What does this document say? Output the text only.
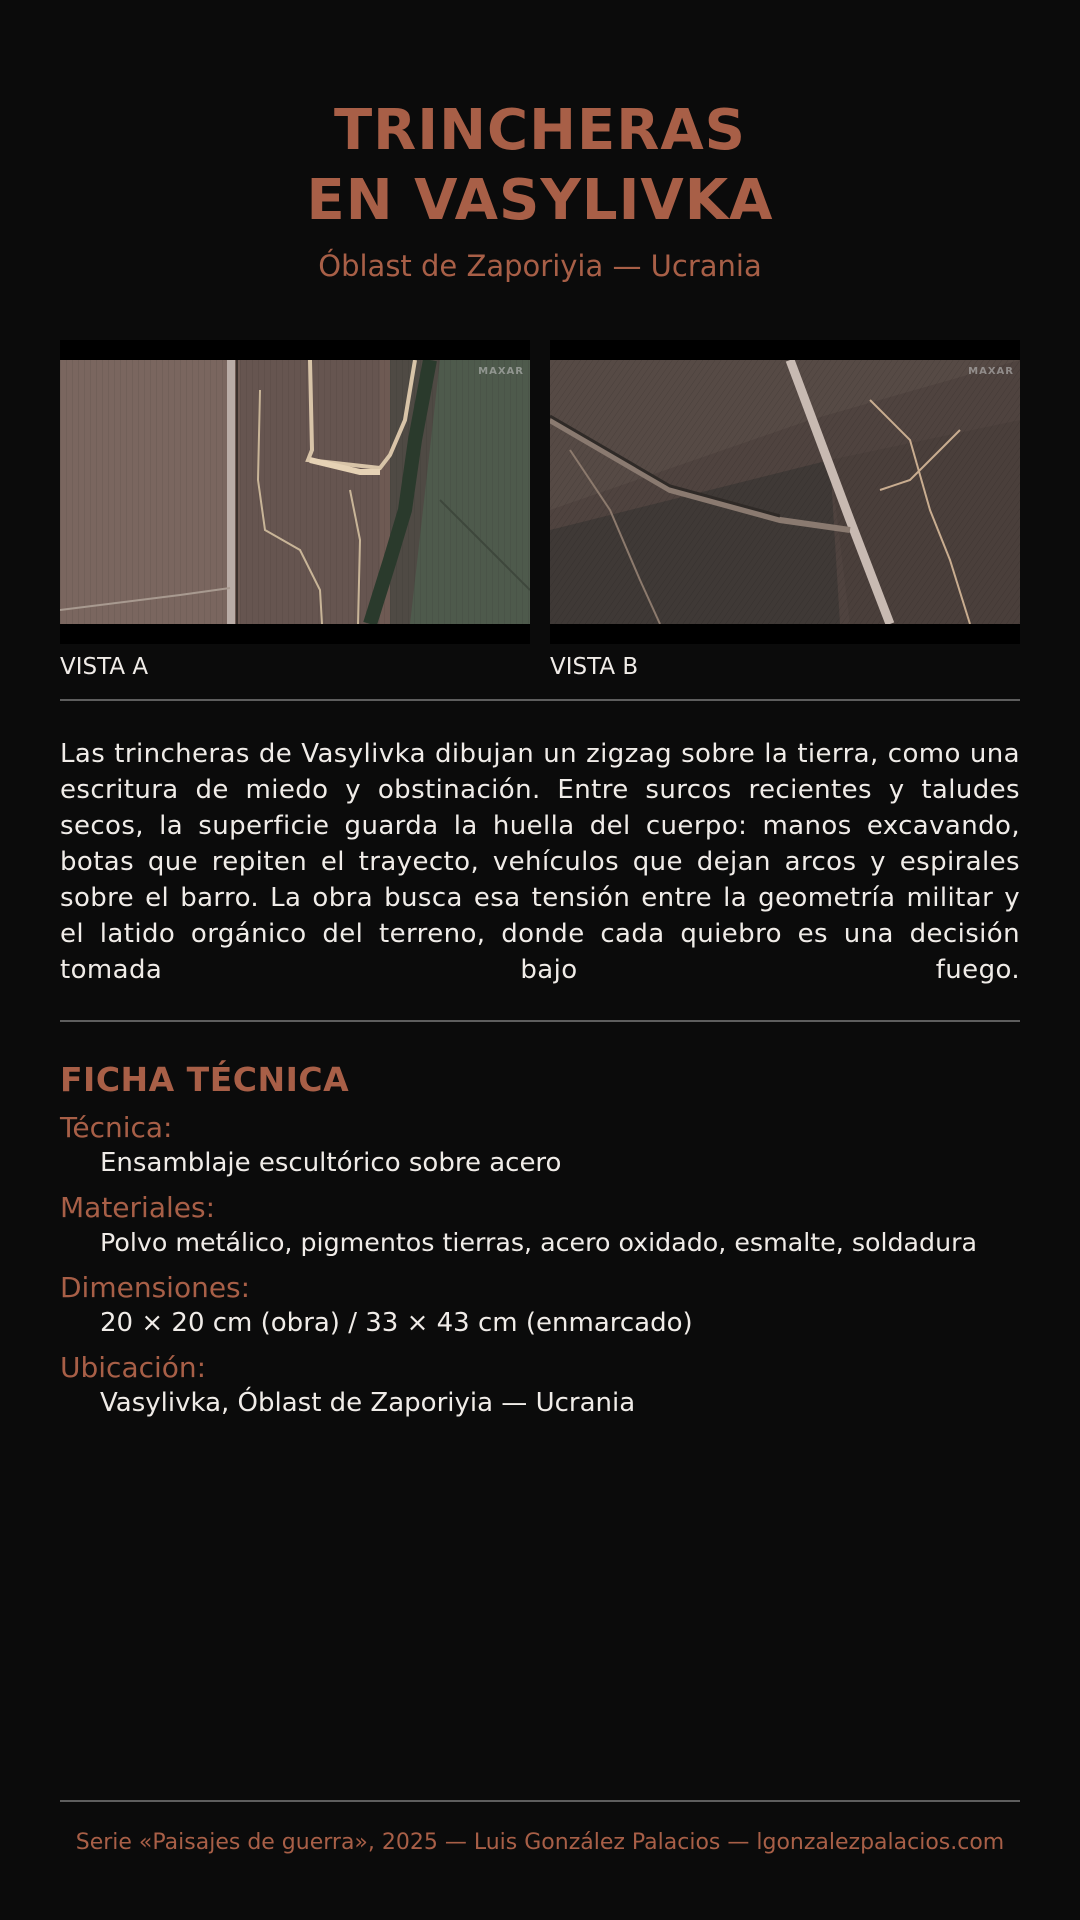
TRINCHERAS
EN VASYLIVKA
Óblast de Zaporiyia — Ucrania
MAXAR
VISTA A
MAXAR
VISTA B

Las trincheras de Vasylivka dibujan un zigzag sobre la tierra, como una escritura de miedo y obstinación. Entre surcos recientes y taludes secos, la superficie guarda la huella del cuerpo: manos excavando, botas que repiten el trayecto, vehículos que dejan arcos y espirales sobre el barro. La obra busca esa tensión entre la geometría militar y el latido orgánico del terreno, donde cada quiebro es una decisión tomada bajo fuego.

FICHA TÉCNICA
Técnica:
Ensamblaje escultórico sobre acero
Materiales:
Polvo metálico, pigmentos tierras, acero oxidado, esmalte, soldadura
Dimensiones:
20 × 20 cm (obra) / 33 × 43 cm (enmarcado)
Ubicación:
Vasylivka, Óblast de Zaporiyia — Ucrania
Serie «Paisajes de guerra», 2025 — Luis González Palacios — lgonzalezpalacios.com
